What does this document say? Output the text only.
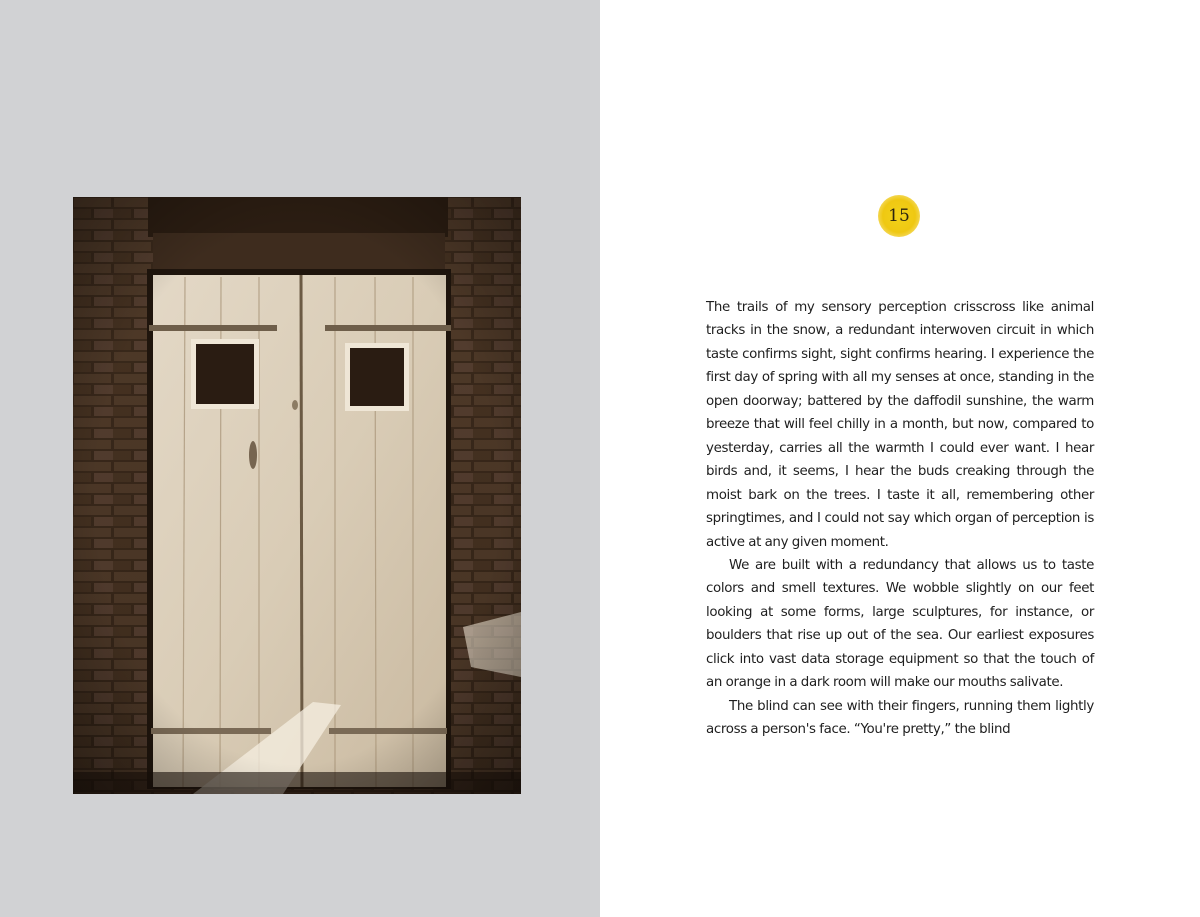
15

The trails of my sensory perception crisscross like animal tracks in the snow, a redundant interwoven circuit in which taste confirms sight, sight confirms hearing. I experience the first day of spring with all my senses at once, standing in the open doorway; battered by the daffodil sunshine, the warm breeze that will feel chilly in a month, but now, compared to yesterday, carries all the warmth I could ever want. I hear birds and, it seems, I hear the buds creaking through the moist bark on the trees. I taste it all, remembering other springtimes, and I could not say which organ of perception is active at any given moment.

We are built with a redundancy that allows us to taste colors and smell textures. We wobble slightly on our feet looking at some forms, large sculptures, for instance, or boulders that rise up out of the sea. Our earliest exposures click into vast data storage equipment so that the touch of an orange in a dark room will make our mouths salivate.

The blind can see with their fingers, running them lightly across a person's face. “You're pretty,” the blind
